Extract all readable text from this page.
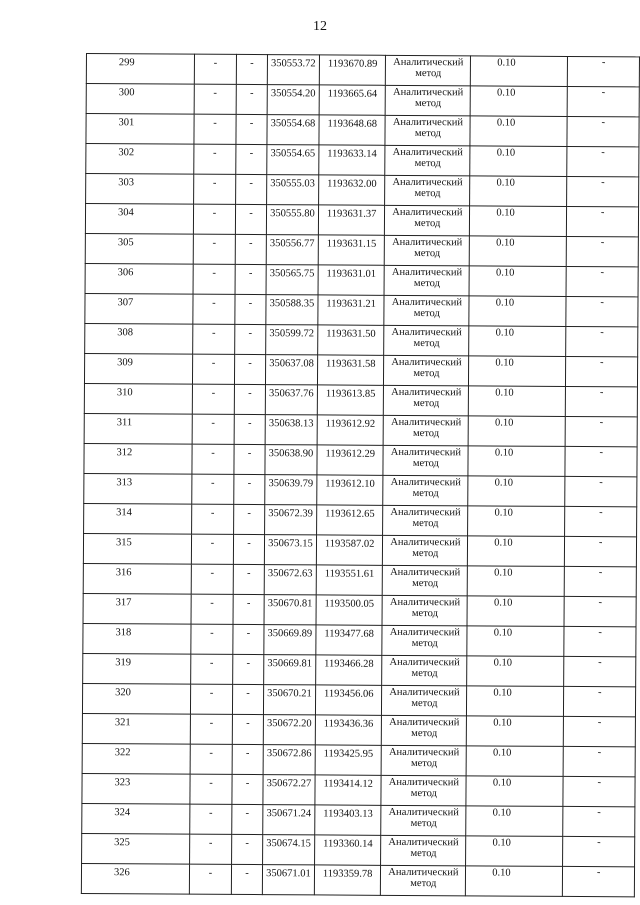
12
299	-	-	350553.72	1193670.89	Аналитический
метод	0.10	-
300	-	-	350554.20	1193665.64	Аналитический
метод	0.10	-
301	-	-	350554.68	1193648.68	Аналитический
метод	0.10	-
302	-	-	350554.65	1193633.14	Аналитический
метод	0.10	-
303	-	-	350555.03	1193632.00	Аналитический
метод	0.10	-
304	-	-	350555.80	1193631.37	Аналитический
метод	0.10	-
305	-	-	350556.77	1193631.15	Аналитический
метод	0.10	-
306	-	-	350565.75	1193631.01	Аналитический
метод	0.10	-
307	-	-	350588.35	1193631.21	Аналитический
метод	0.10	-
308	-	-	350599.72	1193631.50	Аналитический
метод	0.10	-
309	-	-	350637.08	1193631.58	Аналитический
метод	0.10	-
310	-	-	350637.76	1193613.85	Аналитический
метод	0.10	-
311	-	-	350638.13	1193612.92	Аналитический
метод	0.10	-
312	-	-	350638.90	1193612.29	Аналитический
метод	0.10	-
313	-	-	350639.79	1193612.10	Аналитический
метод	0.10	-
314	-	-	350672.39	1193612.65	Аналитический
метод	0.10	-
315	-	-	350673.15	1193587.02	Аналитический
метод	0.10	-
316	-	-	350672.63	1193551.61	Аналитический
метод	0.10	-
317	-	-	350670.81	1193500.05	Аналитический
метод	0.10	-
318	-	-	350669.89	1193477.68	Аналитический
метод	0.10	-
319	-	-	350669.81	1193466.28	Аналитический
метод	0.10	-
320	-	-	350670.21	1193456.06	Аналитический
метод	0.10	-
321	-	-	350672.20	1193436.36	Аналитический
метод	0.10	-
322	-	-	350672.86	1193425.95	Аналитический
метод	0.10	-
323	-	-	350672.27	1193414.12	Аналитический
метод	0.10	-
324	-	-	350671.24	1193403.13	Аналитический
метод	0.10	-
325	-	-	350674.15	1193360.14	Аналитический
метод	0.10	-
326	-	-	350671.01	1193359.78	Аналитический
метод	0.10	-
